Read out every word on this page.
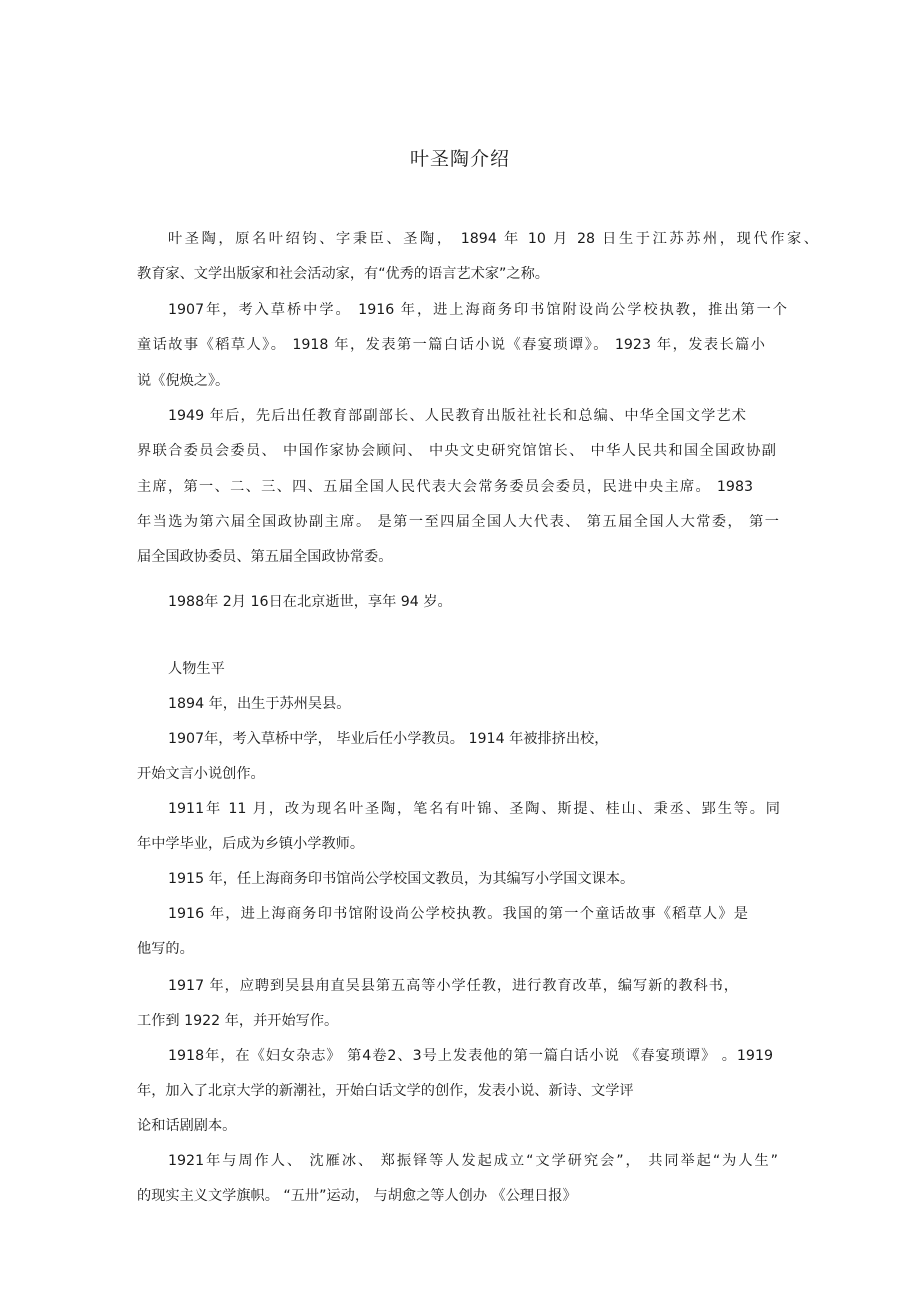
叶圣陶介绍

叶圣陶，原名叶绍钧、字秉臣、圣陶， 1894 年 10 月 28 日生于江苏苏州，现代作家、

教育家、文学出版家和社会活动家，有“优秀的语言艺术家”之称。

1907年，考入草桥中学。 1916 年，进上海商务印书馆附设尚公学校执教，推出第一个

童话故事《稻草人》。 1918 年，发表第一篇白话小说《春宴琐谭》。 1923 年，发表长篇小

说《倪焕之》。

1949 年后，先后出任教育部副部长、人民教育出版社社长和总编、中华全国文学艺术

界联合委员会委员、 中国作家协会顾问、 中央文史研究馆馆长、 中华人民共和国全国政协副

主席，第一、二、三、四、五届全国人民代表大会常务委员会委员，民进中央主席。 1983

年当选为第六届全国政协副主席。 是第一至四届全国人大代表、 第五届全国人大常委， 第一

届全国政协委员、第五届全国政协常委。

1988年 2月 16日在北京逝世，享年 94 岁。

人物生平

1894 年，出生于苏州吴县。

1907年，考入草桥中学， 毕业后任小学教员。 1914 年被排挤出校，

开始文言小说创作。

1911年 11 月，改为现名叶圣陶，笔名有叶锦、圣陶、斯提、桂山、秉丞、郢生等。同

年中学毕业，后成为乡镇小学教师。

1915 年，任上海商务印书馆尚公学校国文教员，为其编写小学国文课本。

1916 年，进上海商务印书馆附设尚公学校执教。我国的第一个童话故事《稻草人》是

他写的。

1917 年，应聘到吴县甪直吴县第五高等小学任教，进行教育改革，编写新的教科书，

工作到 1922 年，并开始写作。

1918年，在《妇女杂志》 第4卷2、3号上发表他的第一篇白话小说 《春宴琐谭》 。1919

年，加入了北京大学的新潮社，开始白话文学的创作，发表小说、新诗、文学评

论和话剧剧本。

1921年与周作人、 沈雁冰、 郑振铎等人发起成立“文学研究会”， 共同举起“为人生”

的现实主义文学旗帜。 “五卅”运动， 与胡愈之等人创办 《公理日报》
